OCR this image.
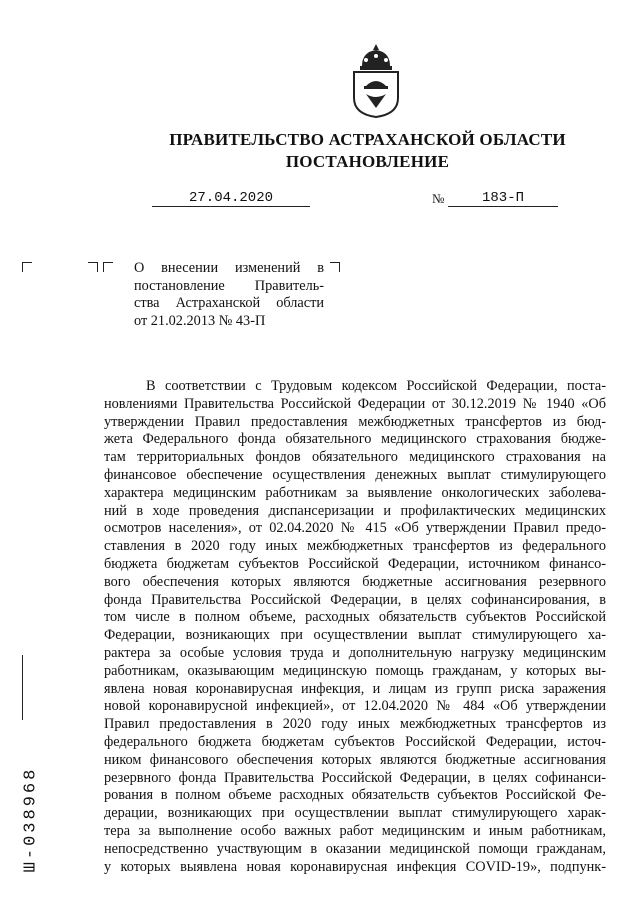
ПРАВИТЕЛЬСТВО АСТРАХАНСКОЙ ОБЛАСТИ
ПОСТАНОВЛЕНИЕ
27.04.2020	№	183-П
О внесении изменений в
постановление Правитель-
ства Астраханской области
от 21.02.2013 № 43-П
В соответствии с Трудовым кодексом Российской Федерации, поста-
новлениями Правительства Российской Федерации от 30.12.2019 № 1940 «Об
утверждении Правил предоставления межбюджетных трансфертов из бюд-
жета Федерального фонда обязательного медицинского страхования бюдже-
там территориальных фондов обязательного медицинского страхования на
финансовое обеспечение осуществления денежных выплат стимулирующего
характера медицинским работникам за выявление онкологических заболева-
ний в ходе проведения диспансеризации и профилактических медицинских
осмотров населения», от 02.04.2020 № 415 «Об утверждении Правил предо-
ставления в 2020 году иных межбюджетных трансфертов из федерального
бюджета бюджетам субъектов Российской Федерации, источником финансо-
вого обеспечения которых являются бюджетные ассигнования резервного
фонда Правительства Российской Федерации, в целях софинансирования, в
том числе в полном объеме, расходных обязательств субъектов Российской
Федерации, возникающих при осуществлении выплат стимулирующего ха-
рактера за особые условия труда и дополнительную нагрузку медицинским
работникам, оказывающим медицинскую помощь гражданам, у которых вы-
явлена новая коронавирусная инфекция, и лицам из групп риска заражения
новой коронавирусной инфекцией», от 12.04.2020 № 484 «Об утверждении
Правил предоставления в 2020 году иных межбюджетных трансфертов из
федерального бюджета бюджетам субъектов Российской Федерации, источ-
ником финансового обеспечения которых являются бюджетные ассигнования
резервного фонда Правительства Российской Федерации, в целях софинанси-
рования в полном объеме расходных обязательств субъектов Российской Фе-
дерации, возникающих при осуществлении выплат стимулирующего харак-
тера за выполнение особо важных работ медицинским и иным работникам,
непосредственно участвующим в оказании медицинской помощи гражданам,
у которых выявлена новая коронавирусная инфекция COVID-19», подпунк-
Ш-038968
